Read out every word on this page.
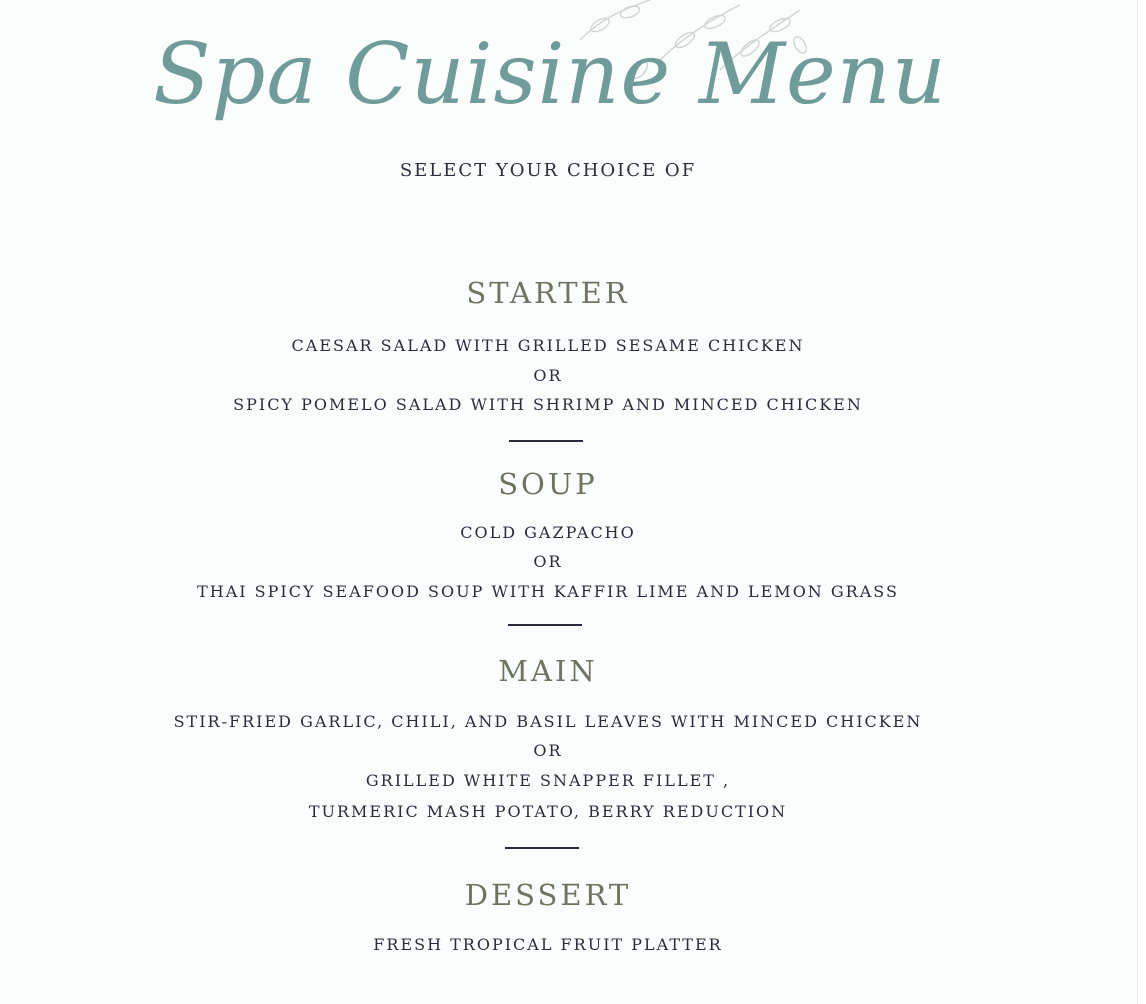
Spa Cuisine Menu
SELECT YOUR CHOICE OF
STARTER
CAESAR SALAD WITH GRILLED SESAME CHICKEN
OR
SPICY POMELO SALAD WITH SHRIMP AND MINCED CHICKEN
SOUP
COLD GAZPACHO
OR
THAI SPICY SEAFOOD SOUP WITH KAFFIR LIME AND LEMON GRASS
MAIN
STIR-FRIED GARLIC, CHILI, AND BASIL LEAVES WITH MINCED CHICKEN
OR
GRILLED WHITE SNAPPER FILLET ,
TURMERIC MASH POTATO, BERRY REDUCTION
DESSERT
FRESH TROPICAL FRUIT PLATTER
